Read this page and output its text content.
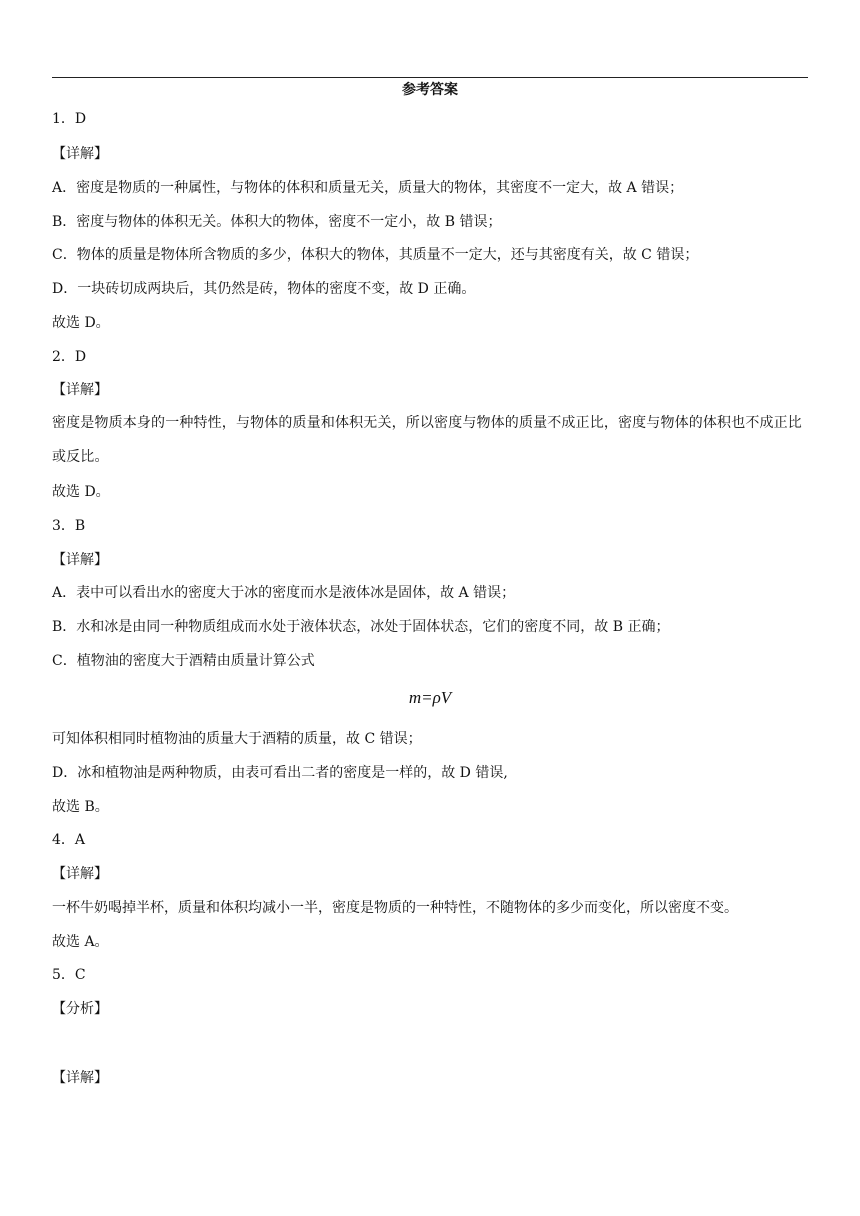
参考答案
1．D
【详解】
A．密度是物质的一种属性，与物体的体积和质量无关，质量大的物体，其密度不一定大，故 A 错误；
B．密度与物体的体积无关。体积大的物体，密度不一定小，故 B 错误；
C．物体的质量是物体所含物质的多少，体积大的物体，其质量不一定大，还与其密度有关，故 C 错误；
D．一块砖切成两块后，其仍然是砖，物体的密度不变，故 D 正确。
故选 D。
2．D
【详解】
密度是物质本身的一种特性，与物体的质量和体积无关，所以密度与物体的质量不成正比，密度与物体的体积也不成正比或反比。
故选 D。
3．B
【详解】
A．表中可以看出水的密度大于冰的密度而水是液体冰是固体，故 A 错误；
B．水和冰是由同一种物质组成而水处于液体状态，冰处于固体状态，它们的密度不同，故 B 正确；
C．植物油的密度大于酒精由质量计算公式
m=ρV
可知体积相同时植物油的质量大于酒精的质量，故 C 错误；
D．冰和植物油是两种物质，由表可看出二者的密度是一样的，故 D 错误,
故选 B。
4．A
【详解】
一杯牛奶喝掉半杯，质量和体积均减小一半，密度是物质的一种特性，不随物体的多少而变化，所以密度不变。
故选 A。
5．C
【分析】
【详解】
